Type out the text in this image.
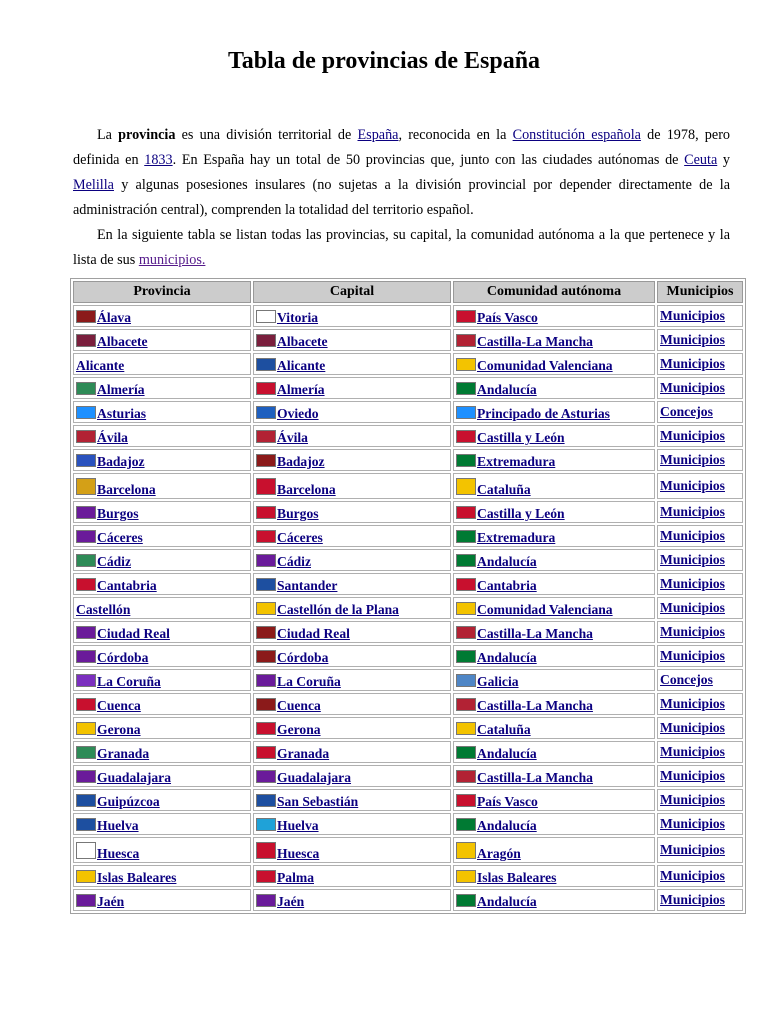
Tabla de provincias de España

La provincia es una división territorial de España, reconocida en la Constitución española de 1978, pero definida en 1833. En España hay un total de 50 provincias que, junto con las ciudades autónomas de Ceuta y Melilla y algunas posesiones insulares (no sujetas a la división provincial por depender directamente de la administración central), comprenden la totalidad del territorio español.

En la siguiente tabla se listan todas las provincias, su capital, la comunidad autónoma a la que pertenece y la lista de sus municipios.

Provincia	Capital	Comunidad autónoma	Municipios
Álava	Vitoria	País Vasco	Municipios
Albacete	Albacete	Castilla-La Mancha	Municipios
Alicante	Alicante	Comunidad Valenciana	Municipios
Almería	Almería	Andalucía	Municipios
Asturias	Oviedo	Principado de Asturias	Concejos
Ávila	Ávila	Castilla y León	Municipios
Badajoz	Badajoz	Extremadura	Municipios
Barcelona	Barcelona	Cataluña	Municipios
Burgos	Burgos	Castilla y León	Municipios
Cáceres	Cáceres	Extremadura	Municipios
Cádiz	Cádiz	Andalucía	Municipios
Cantabria	Santander	Cantabria	Municipios
Castellón	Castellón de la Plana	Comunidad Valenciana	Municipios
Ciudad Real	Ciudad Real	Castilla-La Mancha	Municipios
Córdoba	Córdoba	Andalucía	Municipios
La Coruña	La Coruña	Galicia	Concejos
Cuenca	Cuenca	Castilla-La Mancha	Municipios
Gerona	Gerona	Cataluña	Municipios
Granada	Granada	Andalucía	Municipios
Guadalajara	Guadalajara	Castilla-La Mancha	Municipios
Guipúzcoa	San Sebastián	País Vasco	Municipios
Huelva	Huelva	Andalucía	Municipios
Huesca	Huesca	Aragón	Municipios
Islas Baleares	Palma	Islas Baleares	Municipios
Jaén	Jaén	Andalucía	Municipios
